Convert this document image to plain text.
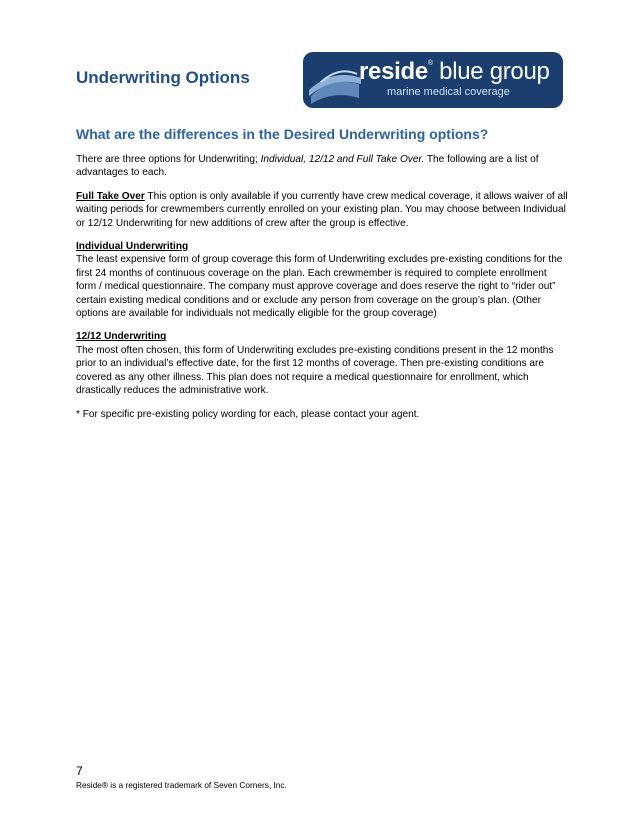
Underwriting Options	reside® blue group
marine medical coverage
What are the differences in the Desired Underwriting options?

There are three options for Underwriting; Individual, 12/12 and Full Take Over. The following are a list of advantages to each.

Full Take Over This option is only available if you currently have crew medical coverage, it allows waiver of all waiting periods for crewmembers currently enrolled on your existing plan. You may choose between Individual or 12/12 Underwriting for new additions of crew after the group is effective.

Individual Underwriting
The least expensive form of group coverage this form of Underwriting excludes pre-existing conditions for the first 24 months of continuous coverage on the plan. Each crewmember is required to complete enrollment form / medical questionnaire. The company must approve coverage and does reserve the right to “rider out” certain existing medical conditions and or exclude any person from coverage on the group’s plan. (Other options are available for individuals not medically eligible for the group coverage)

12/12 Underwriting
The most often chosen, this form of Underwriting excludes pre-existing conditions present in the 12 months prior to an individual’s effective date, for the first 12 months of coverage. Then pre-existing conditions are covered as any other illness. This plan does not require a medical questionnaire for enrollment, which drastically reduces the administrative work.

* For specific pre-existing policy wording for each, please contact your agent.

7
Reside® is a registered trademark of Seven Corners, Inc.
